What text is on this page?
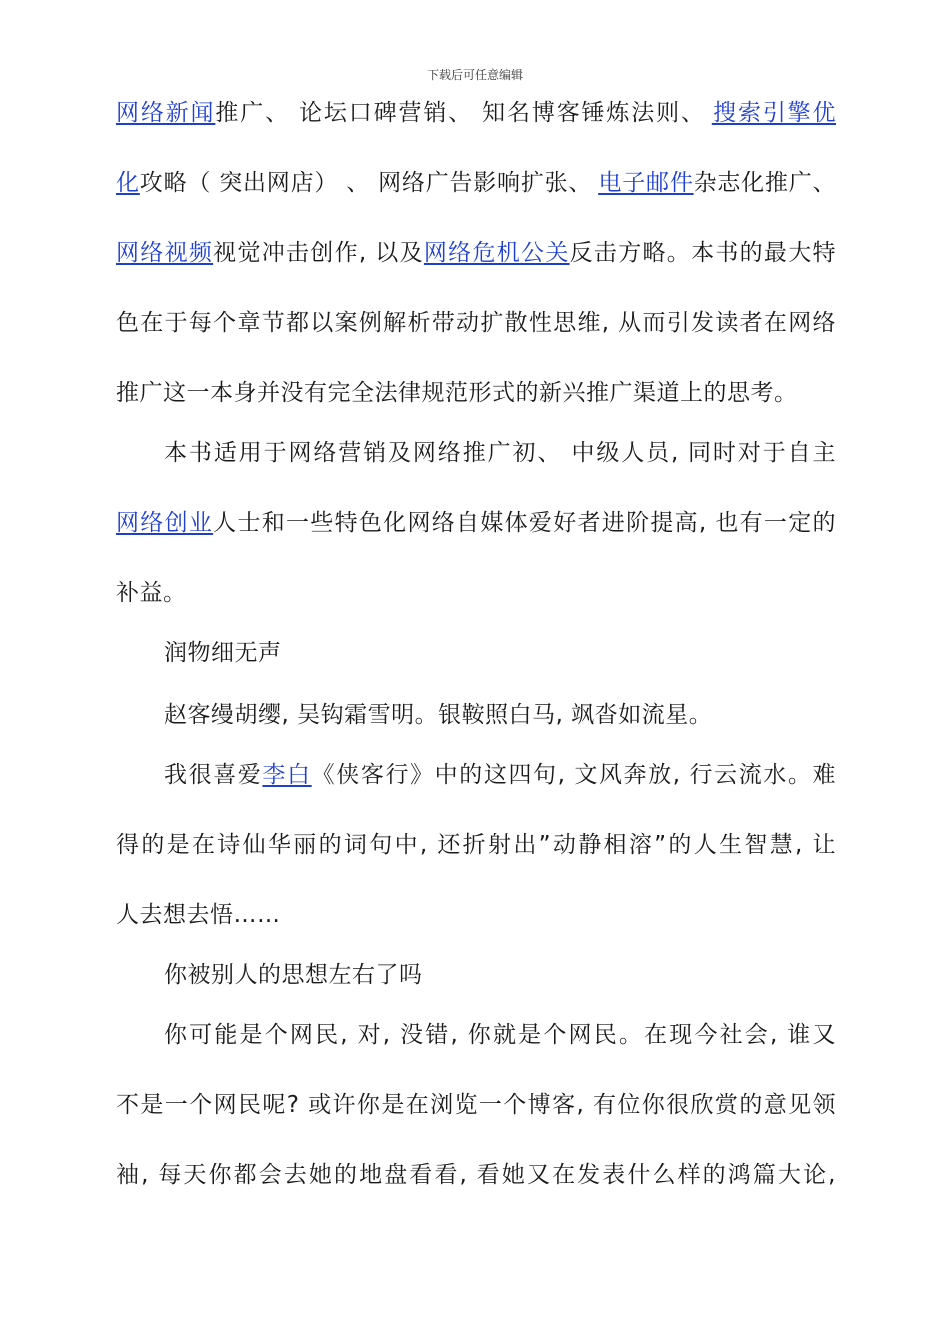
下载后可任意编辑
网络新闻推广、 论坛口碑营销、 知名博客锤炼法则、 搜索引擎优
化攻略（ 突出网店） 、 网络广告影响扩张、 电子邮件杂志化推广、
网络视频视觉冲击创作, 以及网络危机公关反击方略。本书的最大特
色在于每个章节都以案例解析带动扩散性思维, 从而引发读者在网络
推广这一本身并没有完全法律规范形式的新兴推广渠道上的思考。
本书适用于网络营销及网络推广初、 中级人员, 同时对于自主
网络创业人士和一些特色化网络自媒体爱好者进阶提高, 也有一定的
补益。
润物细无声
赵客缦胡缨, 吴钩霜雪明。银鞍照白马, 飒沓如流星。
我很喜爱李白《侠客行》中的这四句, 文风奔放, 行云流水。难
得的是在诗仙华丽的词句中, 还折射出”动静相溶”的人生智慧, 让
人去想去悟……
你被别人的思想左右了吗
你可能是个网民, 对, 没错, 你就是个网民。在现今社会, 谁又
不是一个网民呢? 或许你是在浏览一个博客, 有位你很欣赏的意见领
袖, 每天你都会去她的地盘看看, 看她又在发表什么样的鸿篇大论,
